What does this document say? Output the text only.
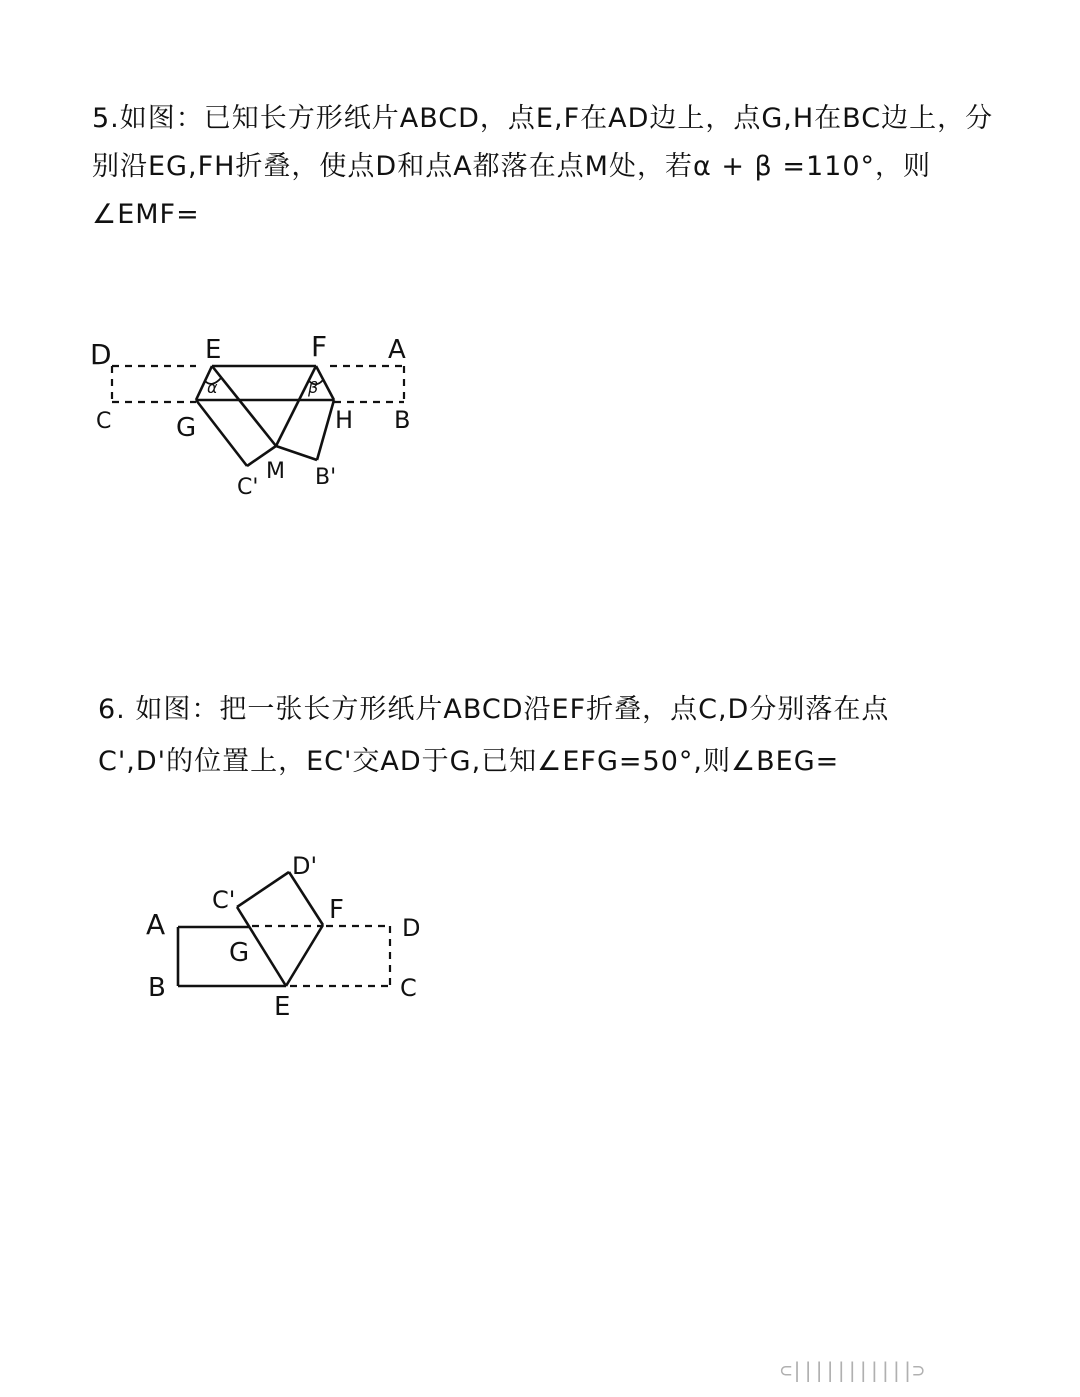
5.如图：已知长方形纸片ABCD，点E,F在AD边上，点G,H在BC边上，分
别沿EG,FH折叠，使点D和点A都落在点M处，若α + β =110°，则
∠EMF=
D	E	F A
C G	H B
C'
M B'
α	β
6. 如图：把一张长方形纸片ABCD沿EF折叠，点C,D分别落在点
C',D'的位置上，EC'交AD于G,已知∠EFG=50°,则∠BEG=
A
B
C'
D'
F
D
G
E
C
⊂|||||||||||⊃
